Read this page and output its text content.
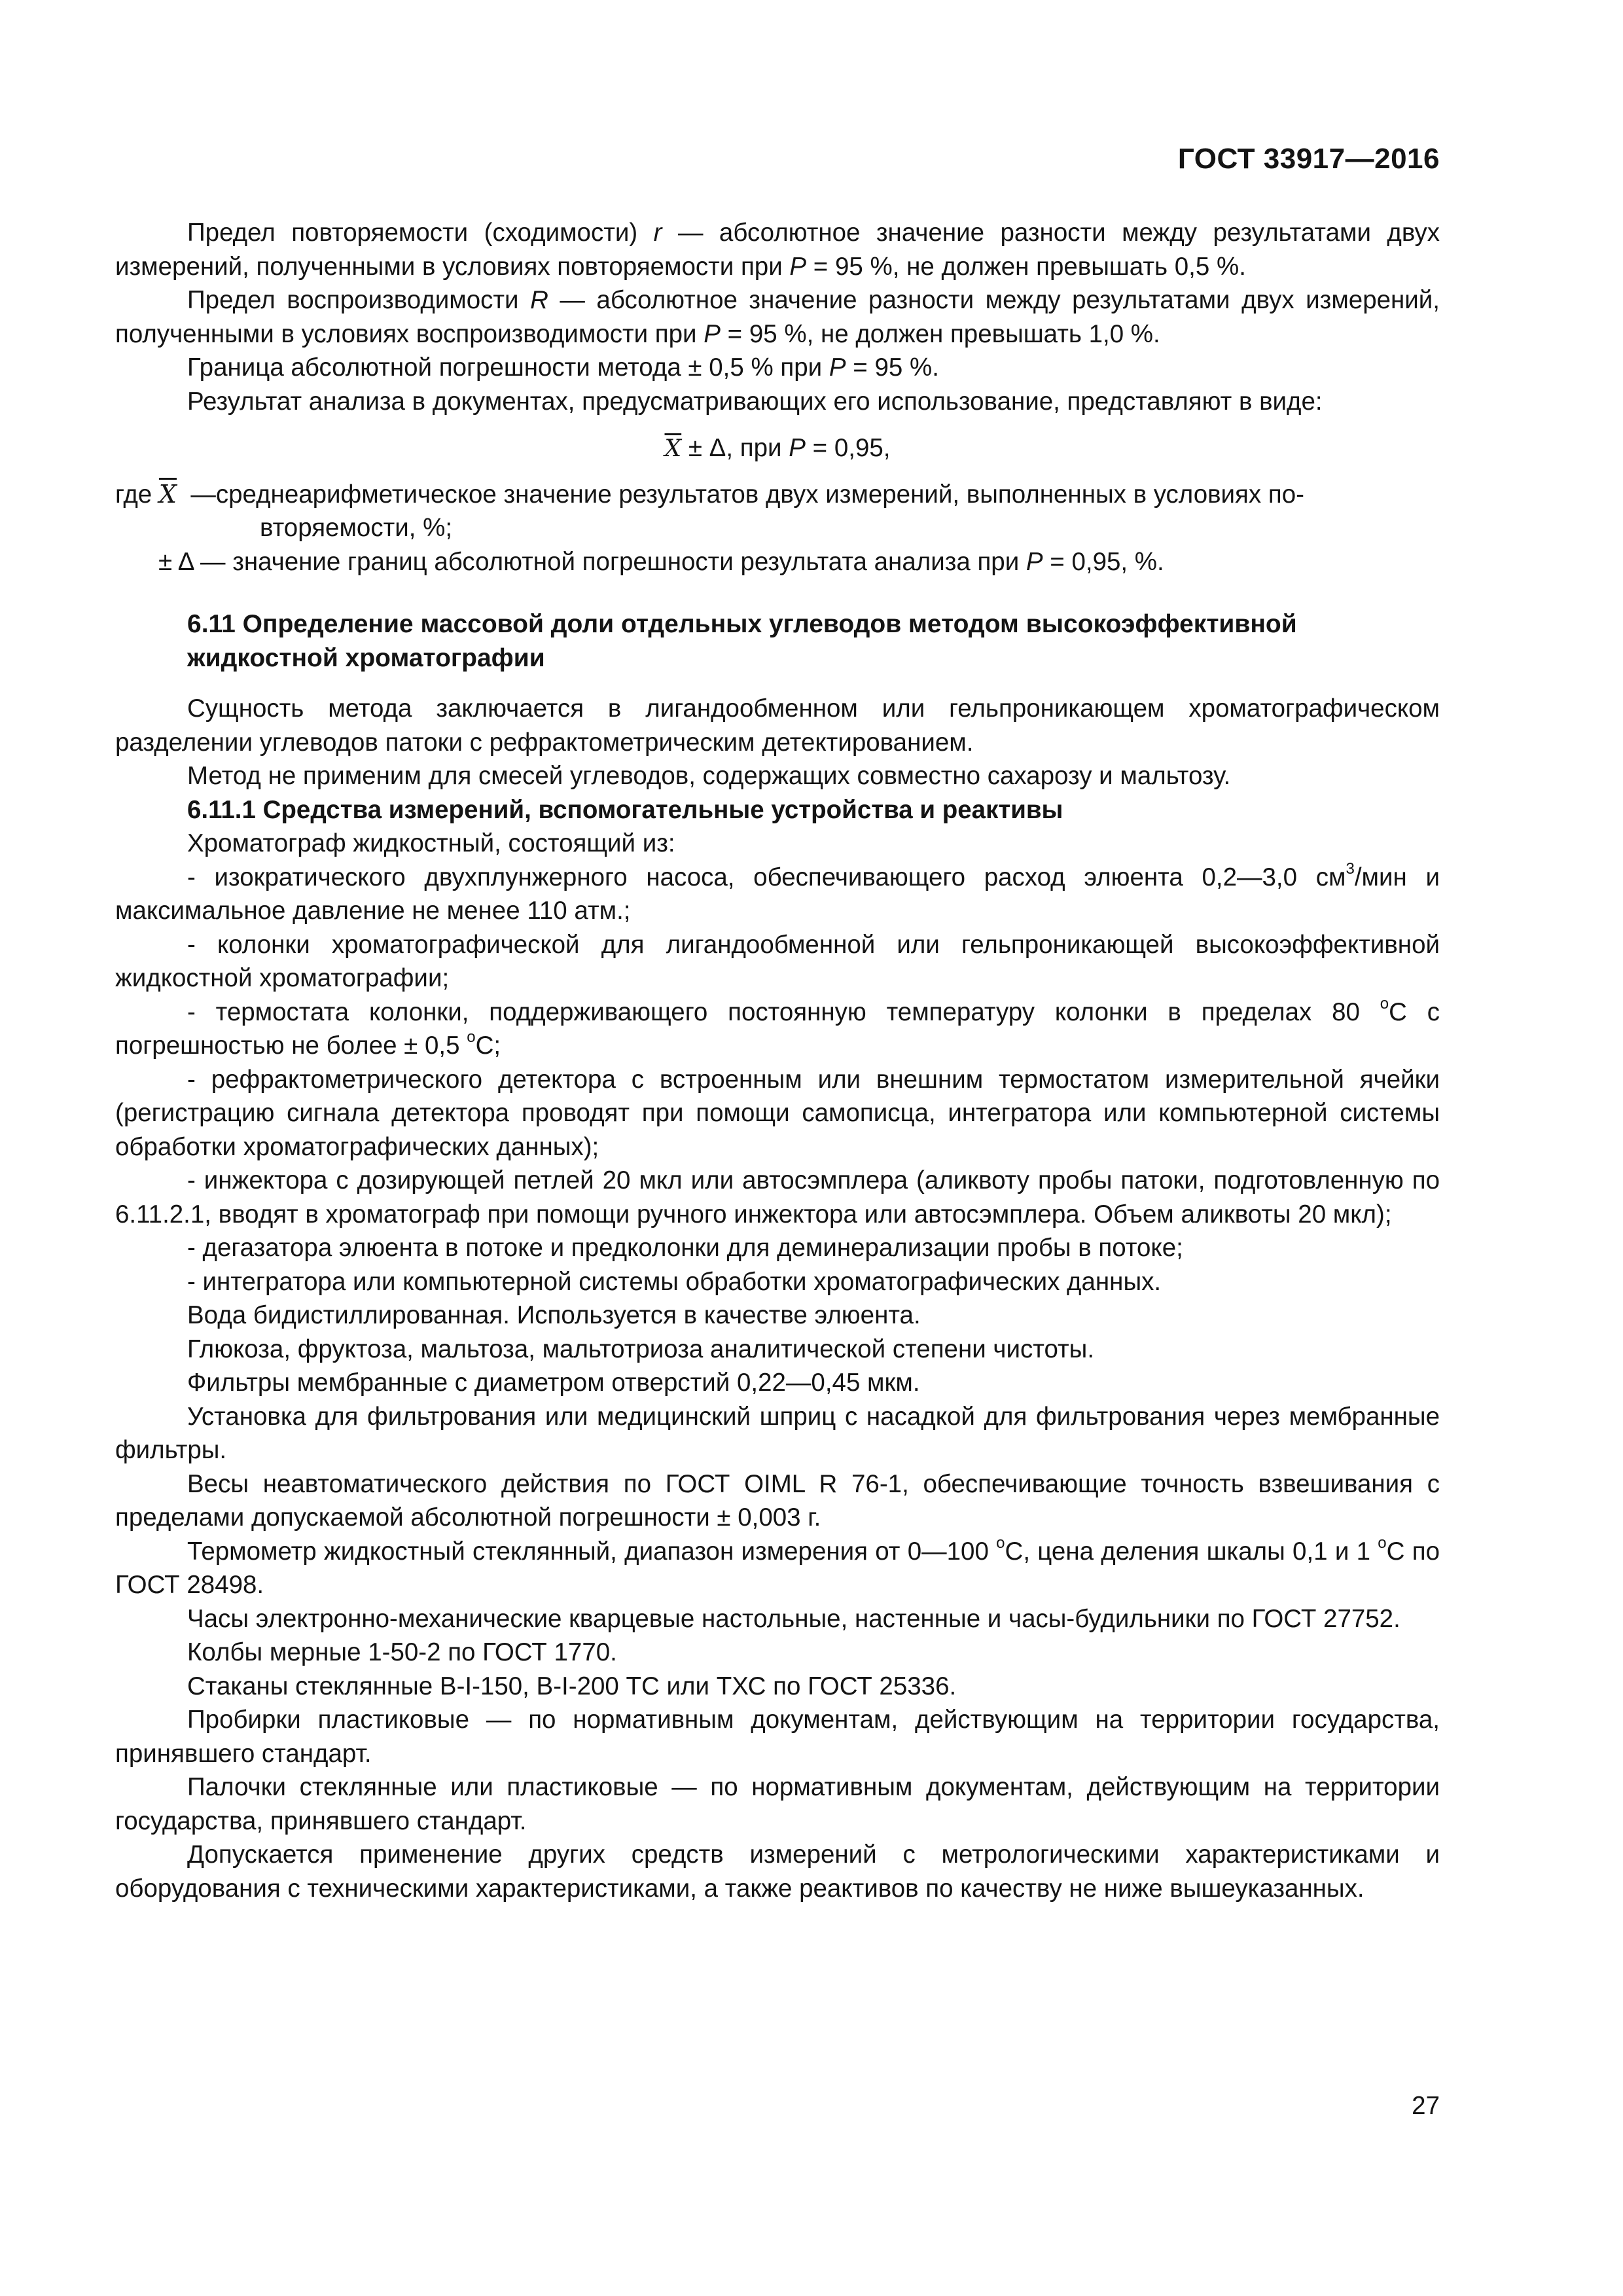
ГОСТ 33917—2016

Предел повторяемости (сходимости) r — абсолютное значение разности между результатами двух измерений, полученными в условиях повторяемости при P = 95 %, не должен превышать 0,5 %.

Предел воспроизводимости R — абсолютное значение разности между результатами двух измерений, полученными в условиях воспроизводимости при P = 95 %, не должен превышать 1,0 %.

Граница абсолютной погрешности метода ± 0,5 % при P = 95 %.

Результат анализа в документах, предусматривающих его использование, представляют в виде:

$\overline{X} \pm \Delta$, при P = 0,95,
где $\overline{X}$  — среднеарифметическое значение результатов двух измерений, выполненных в условиях по-
вторяемости, %;
± Δ — значение границ абсолютной погрешности результата анализа при P = 0,95, %.
6.11 Определение массовой доли отдельных углеводов методом высокоэффективной жидкостной хроматографии

Сущность метода заключается в лигандообменном или гельпроникающем хроматографическом разделении углеводов патоки с рефрактометрическим детектированием.

Метод не применим для смесей углеводов, содержащих совместно сахарозу и мальтозу.

6.11.1 Средства измерений, вспомогательные устройства и реактивы

Хроматограф жидкостный, состоящий из:

- изократического двухплунжерного насоса, обеспечивающего расход элюента 0,2—3,0 $см^3$/мин и максимальное давление не менее 110 атм.;

- колонки хроматографической для лигандообменной или гельпроникающей высокоэффективной жидкостной хроматографии;

- термостата колонки, поддерживающего постоянную температуру колонки в пределах 80 $^о$С с погрешностью не более ± 0,5 $^о$С;

- рефрактометрического детектора с встроенным или внешним термостатом измерительной ячейки (регистрацию сигнала детектора проводят при помощи самописца, интегратора или компьютерной системы обработки хроматографических данных);

- инжектора с дозирующей петлей 20 мкл или автосэмплера (аликвоту пробы патоки, подготовленную по 6.11.2.1, вводят в хроматограф при помощи ручного инжектора или автосэмплера. Объем аликвоты 20 мкл);

- дегазатора элюента в потоке и предколонки для деминерализации пробы в потоке;

- интегратора или компьютерной системы обработки хроматографических данных.

Вода бидистиллированная. Используется в качестве элюента.

Глюкоза, фруктоза, мальтоза, мальтотриоза аналитической степени чистоты.

Фильтры мембранные с диаметром отверстий 0,22—0,45 мкм.

Установка для фильтрования или медицинский шприц с насадкой для фильтрования через мембранные фильтры.

Весы неавтоматического действия по ГОСТ OIML R 76-1, обеспечивающие точность взвешивания с пределами допускаемой абсолютной погрешности ± 0,003 г.

Термометр жидкостный стеклянный, диапазон измерения от 0—100 $^о$С, цена деления шкалы 0,1 и 1 $^о$С по ГОСТ 28498.

Часы электронно-механические кварцевые настольные, настенные и часы-будильники по ГОСТ 27752.

Колбы мерные 1-50-2 по ГОСТ 1770.

Стаканы стеклянные В-I-150, В-I-200 ТС или ТХС по ГОСТ 25336.

Пробирки пластиковые — по нормативным документам, действующим на территории государства, принявшего стандарт.

Палочки стеклянные или пластиковые — по нормативным документам, действующим на территории государства, принявшего стандарт.

Допускается применение других средств измерений с метрологическими характеристиками и оборудования с техническими характеристиками, а также реактивов по качеству не ниже вышеуказанных.

27
